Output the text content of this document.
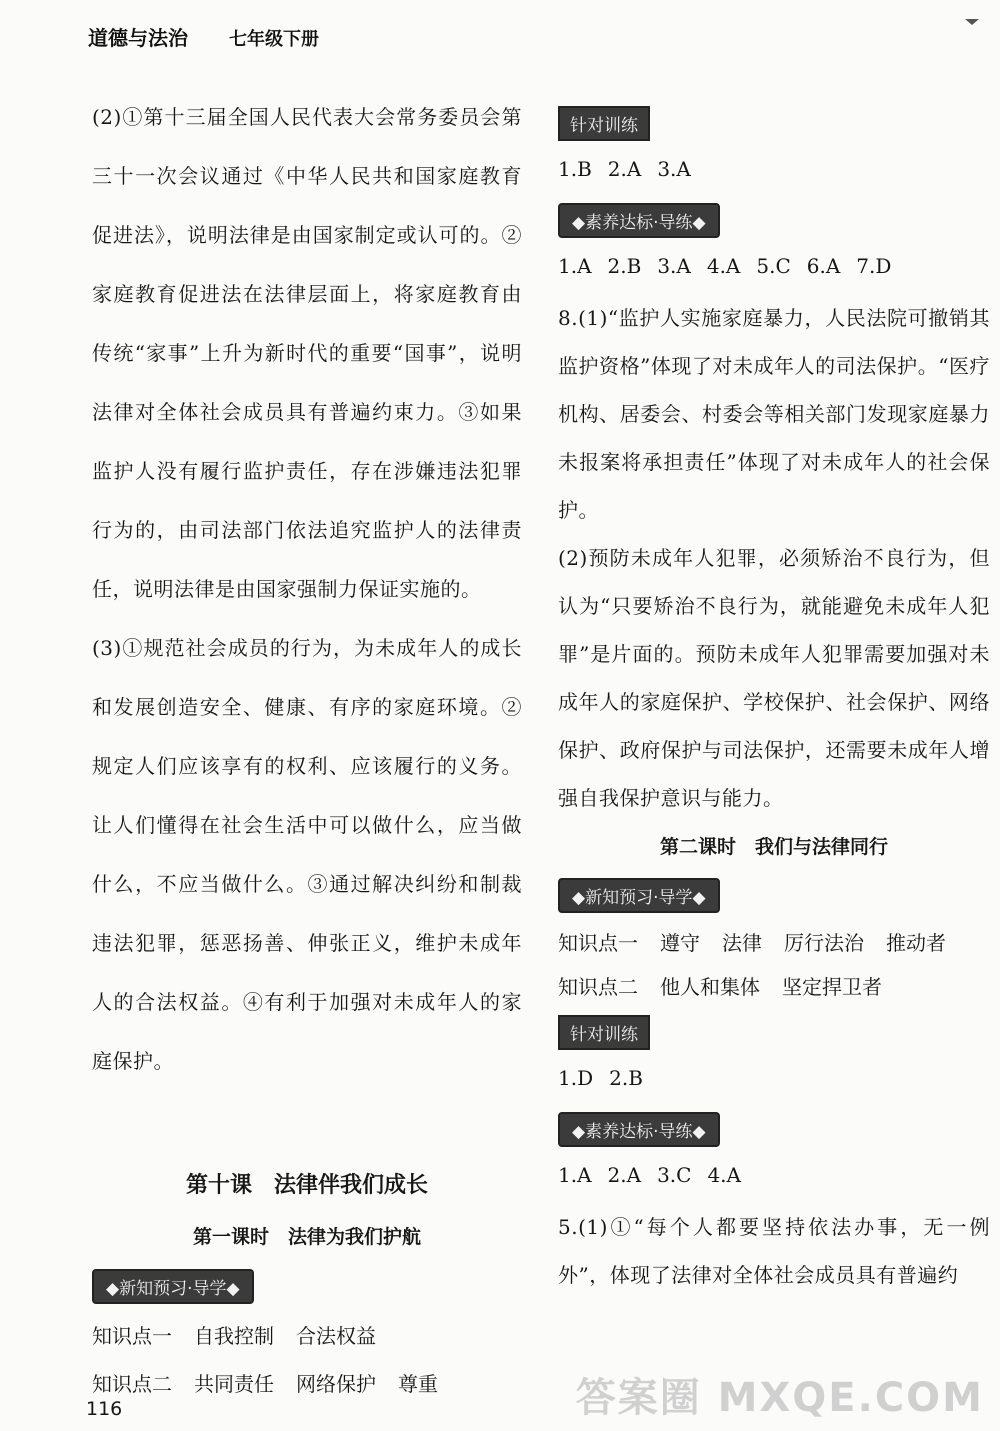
道德与法治 七年级下册

(2)①第十三届全国人民代表大会常务委员会第三十一次会议通过《中华人民共和国家庭教育促进法》，说明法律是由国家制定或认可的。②家庭教育促进法在法律层面上，将家庭教育由传统“家事”上升为新时代的重要“国事”，说明法律对全体社会成员具有普遍约束力。③如果监护人没有履行监护责任，存在涉嫌违法犯罪行为的，由司法部门依法追究监护人的法律责任，说明法律是由国家强制力保证实施的。

(3)①规范社会成员的行为，为未成年人的成长和发展创造安全、健康、有序的家庭环境。②规定人们应该享有的权利、应该履行的义务。让人们懂得在社会生活中可以做什么，应当做什么，不应当做什么。③通过解决纠纷和制裁违法犯罪，惩恶扬善、伸张正义，维护未成年人的合法权益。④有利于加强对未成年人的家庭保护。

第十课　法律伴我们成长

第一课时　法律为我们护航

◆新知预习·导学◆

知识点一 自我控制 合法权益

知识点二 共同责任 网络保护 尊重

针对训练

1.B 2.A 3.A

◆素养达标·导练◆

1.A 2.B 3.A 4.A 5.C 6.A 7.D

8.(1)“监护人实施家庭暴力，人民法院可撤销其监护资格”体现了对未成年人的司法保护。“医疗机构、居委会、村委会等相关部门发现家庭暴力未报案将承担责任”体现了对未成年人的社会保护。

(2)预防未成年人犯罪，必须矫治不良行为，但认为“只要矫治不良行为，就能避免未成年人犯罪”是片面的。预防未成年人犯罪需要加强对未成年人的家庭保护、学校保护、社会保护、网络保护、政府保护与司法保护，还需要未成年人增强自我保护意识与能力。

第二课时　我们与法律同行

◆新知预习·导学◆

知识点一 遵守 法律 厉行法治 推动者

知识点二 他人和集体 坚定捍卫者

针对训练

1.D 2.B

◆素养达标·导练◆

1.A 2.A 3.C 4.A

5.(1)①“每个人都要坚持依法办事，无一例外”，体现了法律对全体社会成员具有普遍约

116	答案圈 MXQE.COM
